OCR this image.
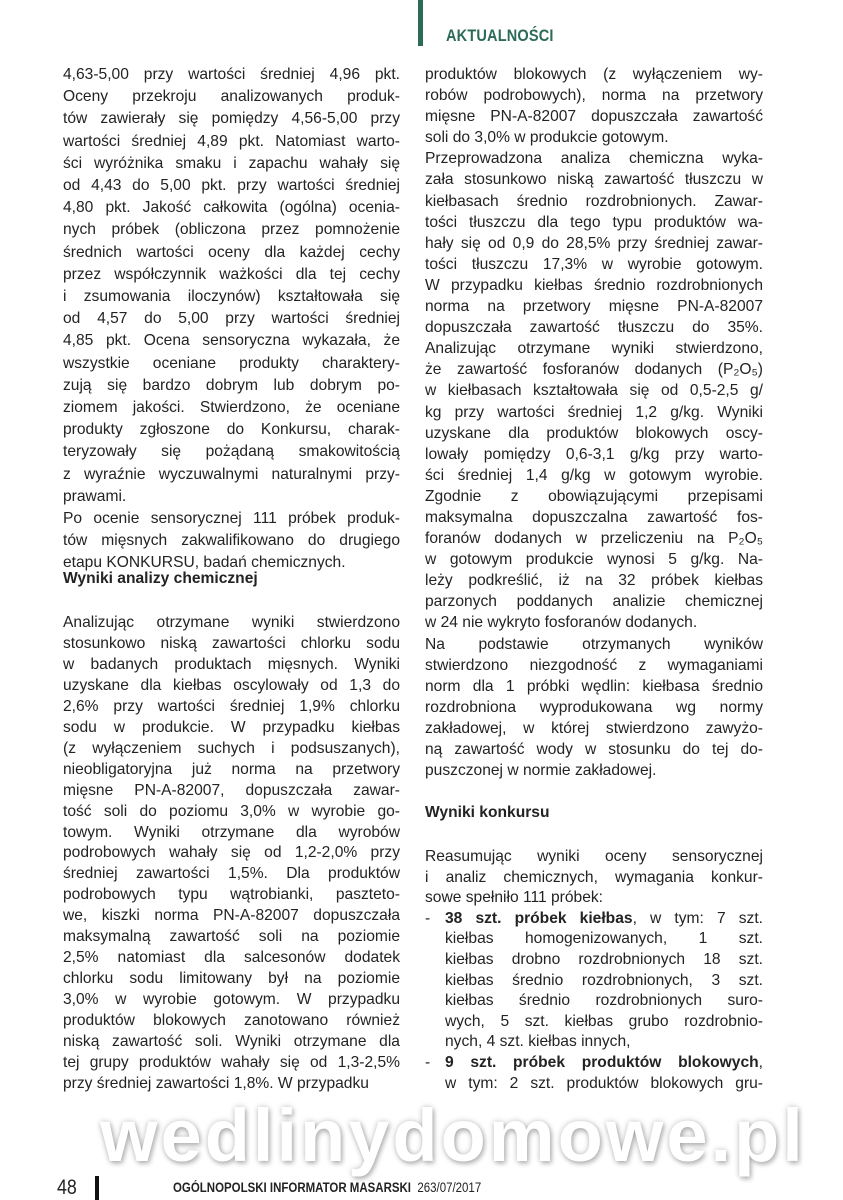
AKTUALNOŚCI
4,63-5,00 przy wartości średniej 4,96 pkt.
Oceny przekroju analizowanych produk-
tów zawierały się pomiędzy 4,56-5,00 przy
wartości średniej 4,89 pkt. Natomiast warto-
ści wyróżnika smaku i zapachu wahały się
od 4,43 do 5,00 pkt. przy wartości średniej
4,80 pkt. Jakość całkowita (ogólna) ocenia-
nych próbek (obliczona przez pomnożenie
średnich wartości oceny dla każdej cechy
przez współczynnik ważkości dla tej cechy
i zsumowania iloczynów) kształtowała się
od 4,57 do 5,00 przy wartości średniej
4,85 pkt. Ocena sensoryczna wykazała, że
wszystkie oceniane produkty charaktery-
zują się bardzo dobrym lub dobrym po-
ziomem jakości. Stwierdzono, że oceniane
produkty zgłoszone do Konkursu, charak-
teryzowały się pożądaną smakowitością
z wyraźnie wyczuwalnymi naturalnymi przy-
prawami.
Po ocenie sensorycznej 111 próbek produk-
tów mięsnych zakwalifikowano do drugiego
etapu KONKURSU, badań chemicznych.
Wyniki analizy chemicznej
Analizując otrzymane wyniki stwierdzono
stosunkowo niską zawartości chlorku sodu
w badanych produktach mięsnych. Wyniki
uzyskane dla kiełbas oscylowały od 1,3 do
2,6% przy wartości średniej 1,9% chlorku
sodu w produkcie. W przypadku kiełbas
(z wyłączeniem suchych i podsuszanych),
nieobligatoryjna już norma na przetwory
mięsne PN-A-82007, dopuszczała zawar-
tość soli do poziomu 3,0% w wyrobie go-
towym. Wyniki otrzymane dla wyrobów
podrobowych wahały się od 1,2-2,0% przy
średniej zawartości 1,5%. Dla produktów
podrobowych typu wątrobianki, paszteto-
we, kiszki norma PN-A-82007 dopuszczała
maksymalną zawartość soli na poziomie
2,5% natomiast dla salcesonów dodatek
chlorku sodu limitowany był na poziomie
3,0% w wyrobie gotowym. W przypadku
produktów blokowych zanotowano również
niską zawartość soli. Wyniki otrzymane dla
tej grupy produktów wahały się od 1,3-2,5%
przy średniej zawartości 1,8%. W przypadku
produktów blokowych (z wyłączeniem wy-
robów podrobowych), norma na przetwory
mięsne PN-A-82007 dopuszczała zawartość
soli do 3,0% w produkcie gotowym.
Przeprowadzona analiza chemiczna wyka-
zała stosunkowo niską zawartość tłuszczu w
kiełbasach średnio rozdrobnionych. Zawar-
tości tłuszczu dla tego typu produktów wa-
hały się od 0,9 do 28,5% przy średniej zawar-
tości tłuszczu 17,3% w wyrobie gotowym.
W przypadku kiełbas średnio rozdrobnionych
norma na przetwory mięsne PN-A-82007
dopuszczała zawartość tłuszczu do 35%.
Analizując otrzymane wyniki stwierdzono,
że zawartość fosforanów dodanych (P₂O₅)
w kiełbasach kształtowała się od 0,5-2,5 g/
kg przy wartości średniej 1,2 g/kg. Wyniki
uzyskane dla produktów blokowych oscy-
lowały pomiędzy 0,6-3,1 g/kg przy warto-
ści średniej 1,4 g/kg w gotowym wyrobie.
Zgodnie z obowiązującymi przepisami
maksymalna dopuszczalna zawartość fos-
foranów dodanych w przeliczeniu na P₂O₅
w gotowym produkcie wynosi 5 g/kg. Na-
leży podkreślić, iż na 32 próbek kiełbas
parzonych poddanych analizie chemicznej
w 24 nie wykryto fosforanów dodanych.
Na podstawie otrzymanych wyników
stwierdzono niezgodność z wymaganiami
norm dla 1 próbki wędlin: kiełbasa średnio
rozdrobniona wyprodukowana wg normy
zakładowej, w której stwierdzono zawyżo-
ną zawartość wody w stosunku do tej do-
puszczonej w normie zakładowej.
Wyniki konkursu
Reasumując wyniki oceny sensorycznej
i analiz chemicznych, wymagania konkur-
sowe spełniło 111 próbek:
- 38 szt. próbek kiełbas, w tym: 7 szt.
kiełbas homogenizowanych, 1 szt.
kiełbas drobno rozdrobnionych 18 szt.
kiełbas średnio rozdrobnionych, 3 szt.
kiełbas średnio rozdrobnionych suro-
wych, 5 szt. kiełbas grubo rozdrobnio-
nych, 4 szt. kiełbas innych,
- 9 szt. próbek produktów blokowych,
w tym: 2 szt. produktów blokowych gru-
wedlinydomowe.pl
48	OGÓLNOPOLSKI INFORMATOR MASARSKI 263/07/2017
